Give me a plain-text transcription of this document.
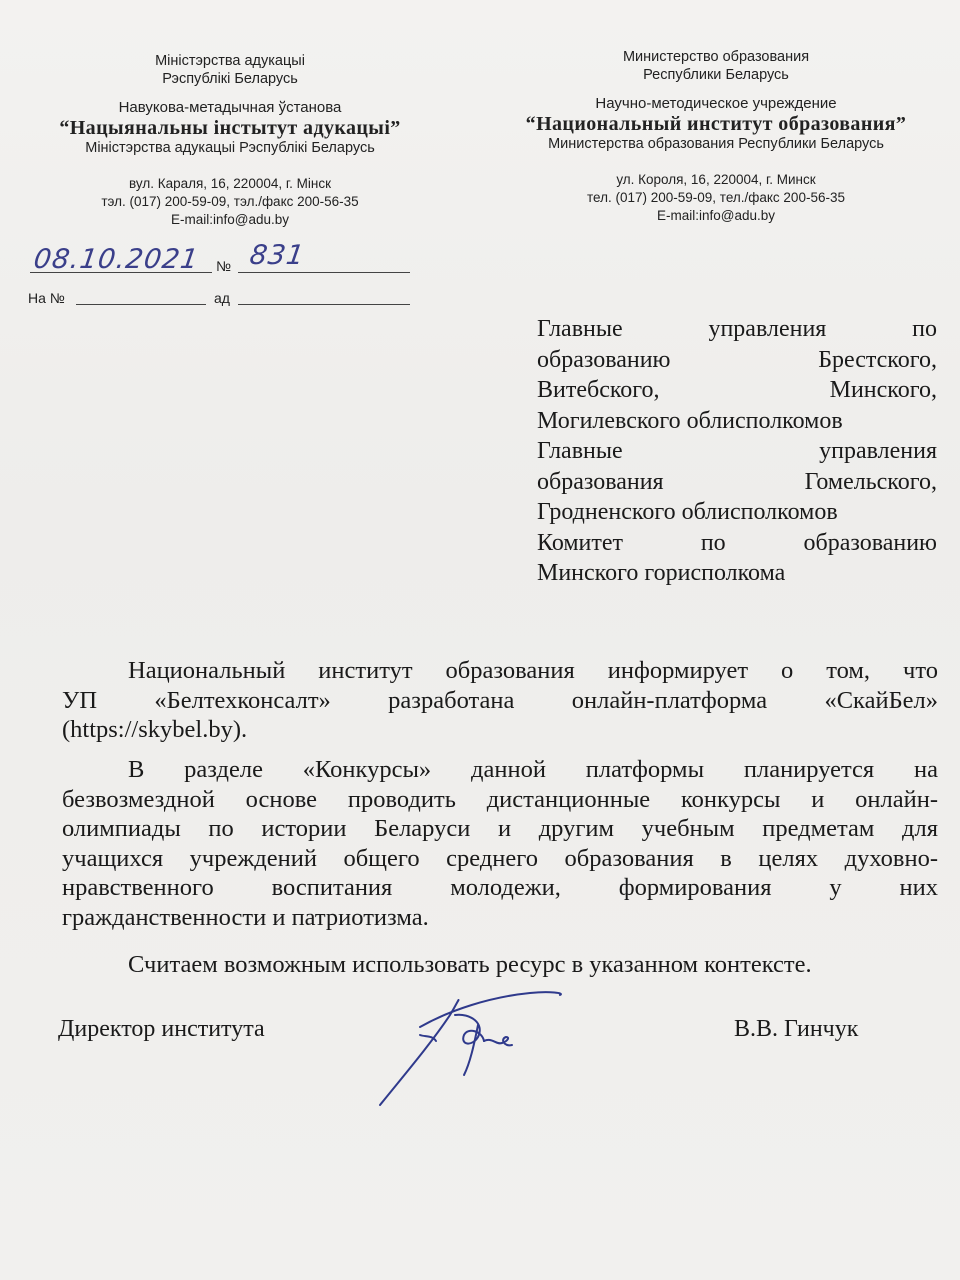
Міністэрства адукацыі
Рэспублікі Беларусь
Навукова-метадычная ўстанова
“Нацыянальны інстытут адукацыі”
Міністэрства адукацыі Рэспублікі Беларусь
вул. Караля, 16, 220004, г. Мінск
тэл. (017) 200-59-09, тэл./факс 200-56-35
E-mail:info@adu.by
Министерство образования
Республики Беларусь
Научно-методическое учреждение
“Национальный институт образования”
Министерства образования Республики Беларусь
ул. Короля, 16, 220004, г. Минск
тел. (017) 200-59-09, тел./факс 200-56-35
E-mail:info@adu.by
08.10.2021 № 831
На №	ад
Главные управления по
образованию Брестского,
Витебского, Минского,
Могилевского облисполкомов
Главные управления
образования Гомельского,
Гродненского облисполкомов
Комитет по образованию
Минского горисполкома
Национальный институт образования информирует о том, что
УП «Белтехконсалт» разработана онлайн-платформа «СкайБел»
(https://skybel.by).
В разделе «Конкурсы» данной платформы планируется на
безвозмездной основе проводить дистанционные конкурсы и онлайн-
олимпиады по истории Беларуси и другим учебным предметам для
учащихся учреждений общего среднего образования в целях духовно-
нравственного воспитания молодежи, формирования у них
гражданственности и патриотизма.
Считаем возможным использовать ресурс в указанном контексте.
Директор института	В.В. Гинчук
